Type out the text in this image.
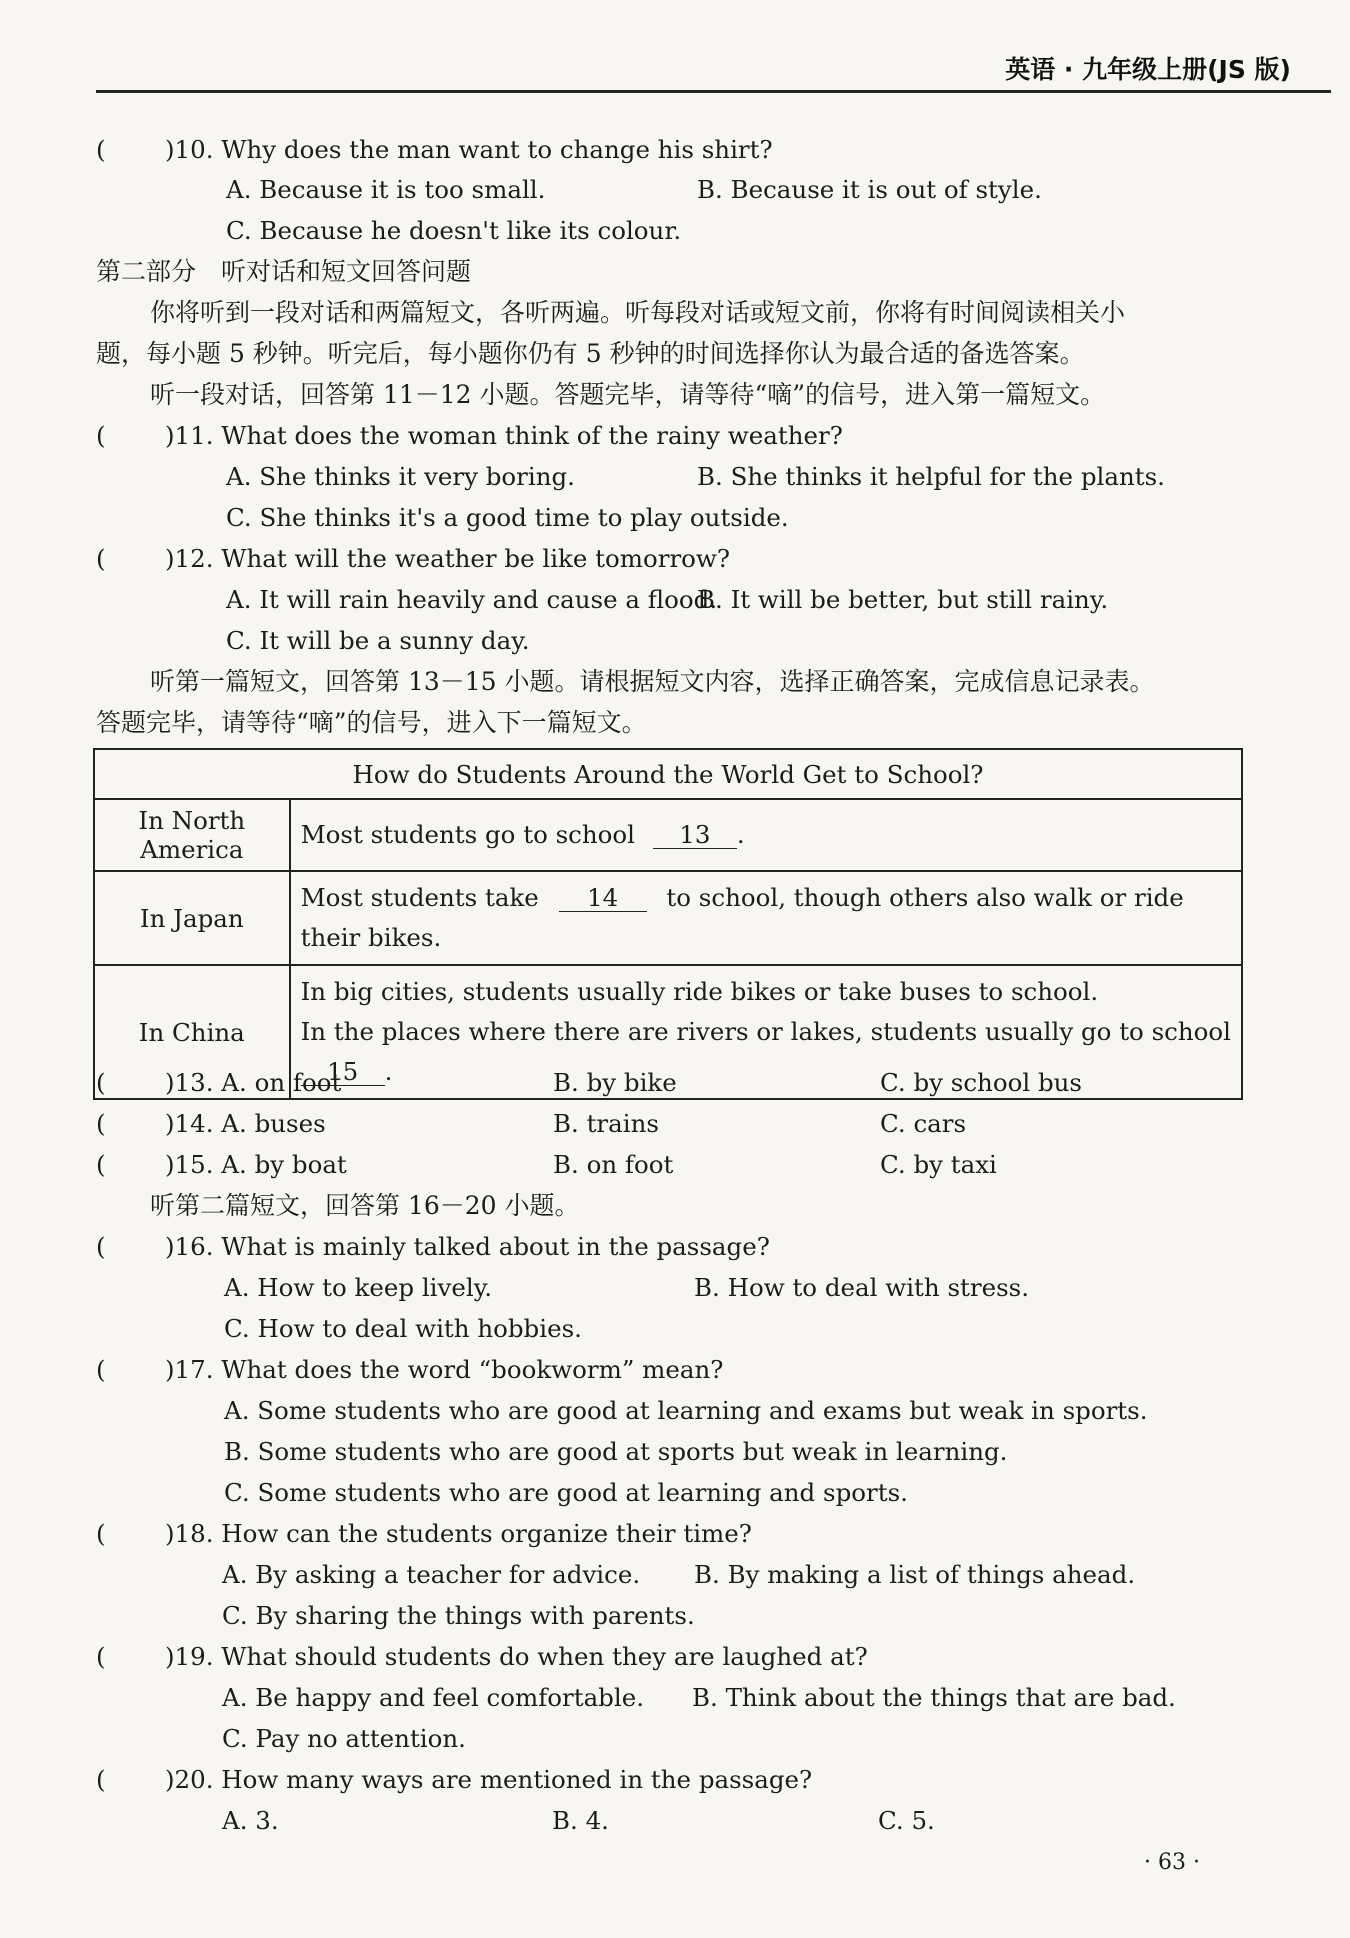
英语 · 九年级上册(JS 版)
( )10. Why does the man want to change his shirt?
A. Because it is too small.	B. Because it is out of style.
C. Because he doesn't like its colour.
第二部分　听对话和短文回答问题
你将听到一段对话和两篇短文，各听两遍。听每段对话或短文前，你将有时间阅读相关小
题，每小题 5 秒钟。听完后，每小题你仍有 5 秒钟的时间选择你认为最合适的备选答案。
听一段对话，回答第 11－12 小题。答题完毕，请等待“嘀”的信号，进入第一篇短文。
( )11. What does the woman think of the rainy weather?
A. She thinks it very boring.	B. She thinks it helpful for the plants.
C. She thinks it's a good time to play outside.
( )12. What will the weather be like tomorrow?
A. It will rain heavily and cause a flood.
B. It will be better, but still rainy.
C. It will be a sunny day.
听第一篇短文，回答第 13－15 小题。请根据短文内容，选择正确答案，完成信息记录表。
答题完毕，请等待“嘀”的信号，进入下一篇短文。
How do Students Around the World Get to School?	
In North America	Most students go to school 13 .

In Japan	Most students take 14 to school, though others also walk or ride
their bikes.

In China	In big cities, students usually ride bikes or take buses to school.
In the places where there are rivers or lakes, students usually go to school
15 .
( )13. A. on foot	B. by bike	C. by school bus
( )14. A. buses	B. trains	C. cars
( )15. A. by boat	B. on foot	C. by taxi
听第二篇短文，回答第 16－20 小题。
( )16. What is mainly talked about in the passage?
A. How to keep lively.	B. How to deal with stress.
C. How to deal with hobbies.
( )17. What does the word “bookworm” mean?
A. Some students who are good at learning and exams but weak in sports.
B. Some students who are good at sports but weak in learning.
C. Some students who are good at learning and sports.
( )18. How can the students organize their time?
A. By asking a teacher for advice. B. By making a list of things ahead.
C. By sharing the things with parents.
( )19. What should students do when they are laughed at?
A. Be happy and feel comfortable. B. Think about the things that are bad.
C. Pay no attention.
( )20. How many ways are mentioned in the passage?
A. 3.	B. 4.	C. 5.
· 63 ·
